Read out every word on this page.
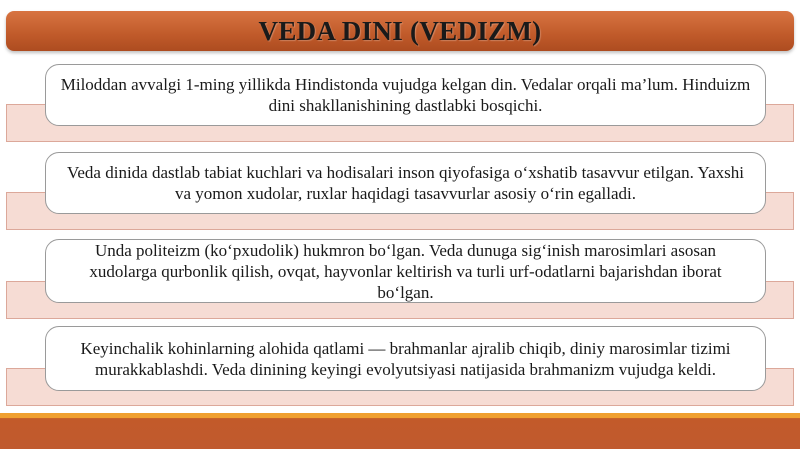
VEDA DINI (VEDIZM)
Miloddan avvalgi 1-ming yillikda Hindistonda vujudga kelgan din. Vedalar orqali ma’lum. Hinduizm dini shakllanishining dastlabki bosqichi.
Veda dinida dastlab tabiat kuchlari va hodisalari inson qiyofasiga o‘xshatib tasavvur etilgan. Yaxshi va yomon xudolar, ruxlar haqidagi tasavvurlar asosiy o‘rin egalladi.
Unda politeizm (ko‘pxudolik) hukmron bo‘lgan. Veda dunuga sig‘inish marosimlari asosan xudolarga qurbonlik qilish, ovqat, hayvonlar keltirish va turli urf-odatlarni bajarishdan iborat bo‘lgan.
Keyinchalik kohinlarning alohida qatlami — brahmanlar ajralib chiqib, diniy marosimlar tizimi murakkablashdi. Veda dinining keyingi evolyutsiyasi natijasida brahmanizm vujudga keldi.
